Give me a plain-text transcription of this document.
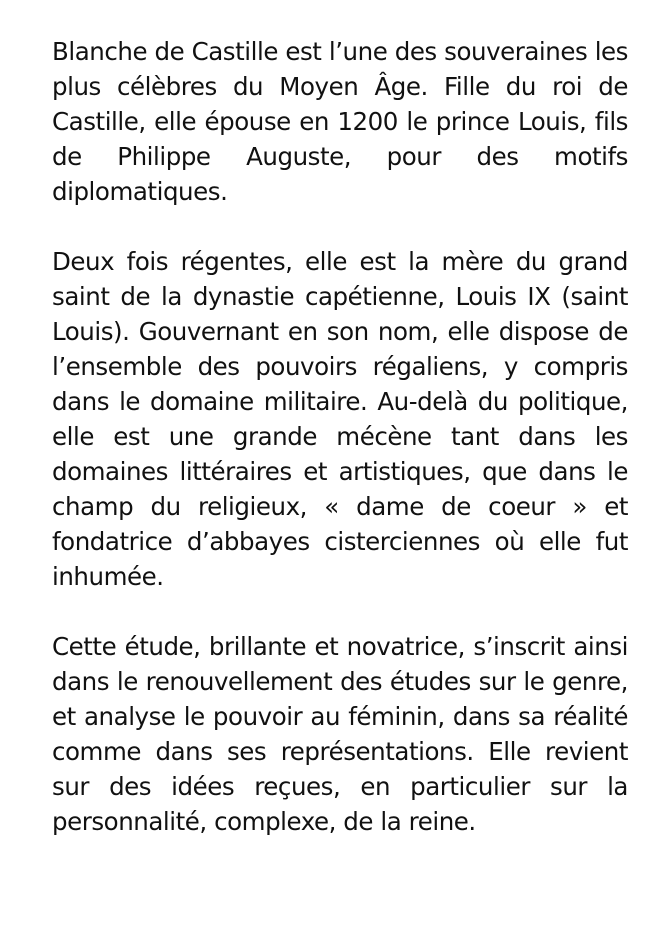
Blanche de Castille est l’une des souveraines les plus célèbres du Moyen Âge. Fille du roi de Castille, elle épouse en 1200 le prince Louis, fils de Philippe Auguste, pour des motifs diplomatiques.

Deux fois régentes, elle est la mère du grand saint de la dynastie capétienne, Louis IX (saint Louis). Gouvernant en son nom, elle dispose de l’ensemble des pouvoirs régaliens, y compris dans le domaine militaire. Au-delà du politique, elle est une grande mécène tant dans les domaines littéraires et artistiques, que dans le champ du religieux, « dame de coeur » et fondatrice d’abbayes cisterciennes où elle fut inhumée.

Cette étude, brillante et novatrice, s’inscrit ainsi dans le renouvellement des études sur le genre, et analyse le pouvoir au féminin, dans sa réalité comme dans ses représentations. Elle revient sur des idées reçues, en particulier sur la personnalité, complexe, de la reine.
